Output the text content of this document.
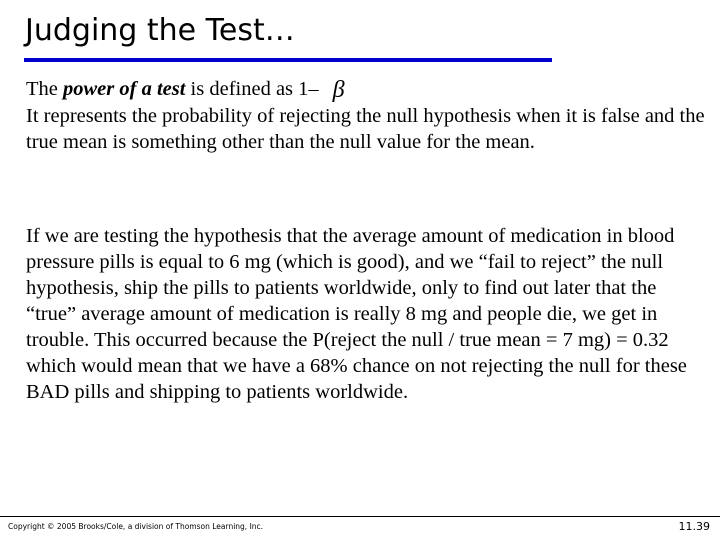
Judging the Test…
The power of a test is defined as 1– β
It represents the probability of rejecting the null hypothesis when it is false and the true mean is something other than the null value for the mean.
If we are testing the hypothesis that the average amount of medication in blood pressure pills is equal to 6 mg (which is good), and we “fail to reject” the null hypothesis, ship the pills to patients worldwide, only to find out later that the “true” average amount of medication is really 8 mg and people die, we get in trouble. This occurred because the P(reject the null / true mean = 7 mg) = 0.32 which would mean that we have a 68% chance on not rejecting the null for these BAD pills and shipping to patients worldwide.
Copyright © 2005 Brooks/Cole, a division of Thomson Learning, Inc.	11.39
